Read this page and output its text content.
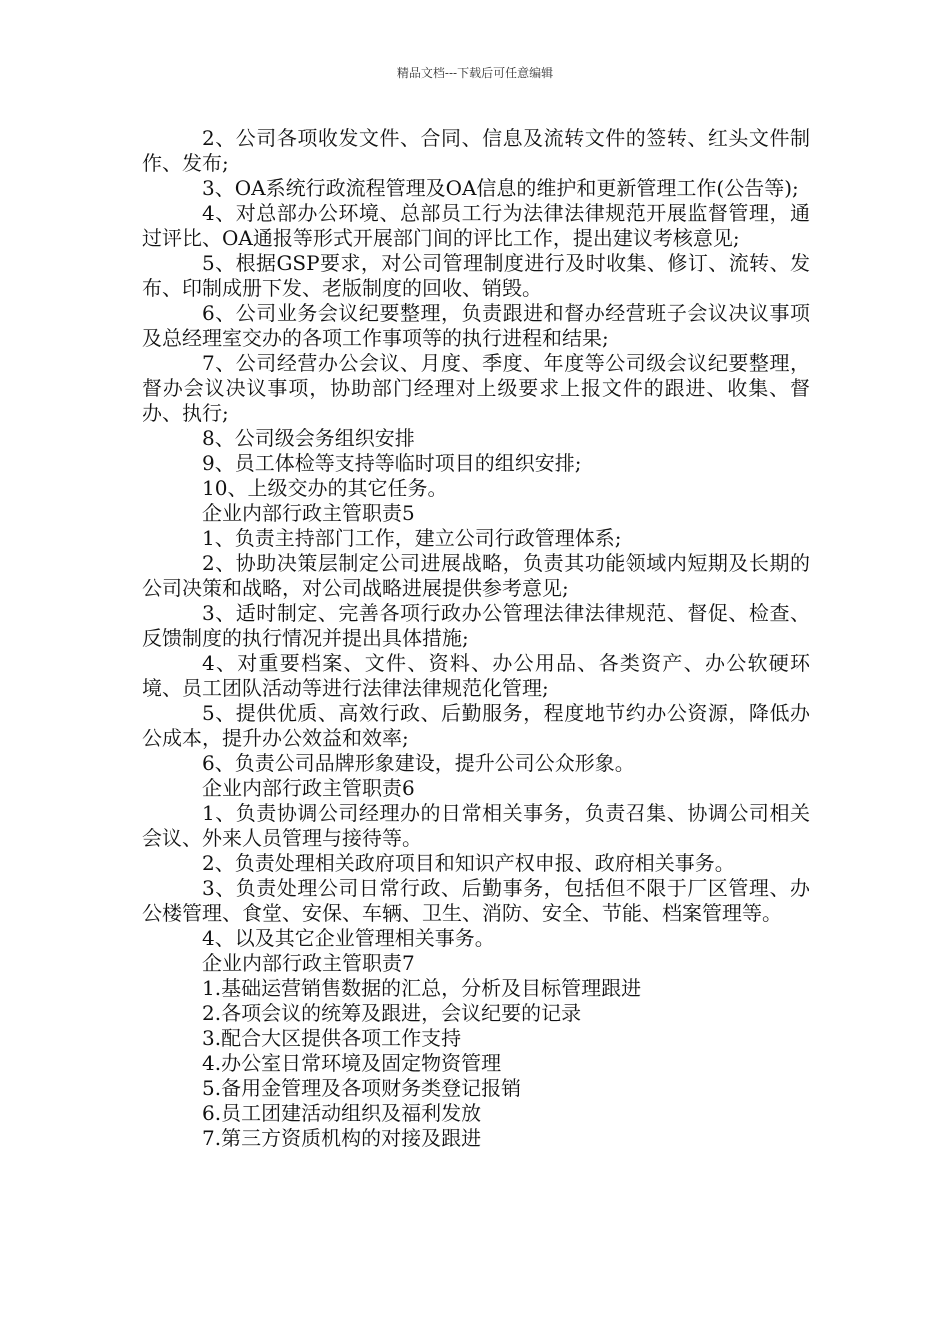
精品文档---下载后可任意编辑

2、公司各项收发文件、合同、信息及流转文件的签转、红头文件制作、发布;

3、OA系统行政流程管理及OA信息的维护和更新管理工作(公告等);

4、对总部办公环境、总部员工行为法律法律规范开展监督管理，通过评比、OA通报等形式开展部门间的评比工作，提出建议考核意见;

5、根据GSP要求，对公司管理制度进行及时收集、修订、流转、发布、印制成册下发、老版制度的回收、销毁。

6、公司业务会议纪要整理，负责跟进和督办经营班子会议决议事项及总经理室交办的各项工作事项等的执行进程和结果;

7、公司经营办公会议、月度、季度、年度等公司级会议纪要整理，督办会议决议事项，协助部门经理对上级要求上报文件的跟进、收集、督办、执行;

8、公司级会务组织安排

9、员工体检等支持等临时项目的组织安排;

10、上级交办的其它任务。

企业内部行政主管职责5

1、负责主持部门工作，建立公司行政管理体系;

2、协助决策层制定公司进展战略，负责其功能领域内短期及长期的公司决策和战略，对公司战略进展提供参考意见;

3、适时制定、完善各项行政办公管理法律法律规范、督促、检查、反馈制度的执行情况并提出具体措施;

4、对重要档案、文件、资料、办公用品、各类资产、办公软硬环境、员工团队活动等进行法律法律规范化管理;

5、提供优质、高效行政、后勤服务，程度地节约办公资源，降低办公成本，提升办公效益和效率;

6、负责公司品牌形象建设，提升公司公众形象。

企业内部行政主管职责6

1、负责协调公司经理办的日常相关事务，负责召集、协调公司相关会议、外来人员管理与接待等。

2、负责处理相关政府项目和知识产权申报、政府相关事务。

3、负责处理公司日常行政、后勤事务，包括但不限于厂区管理、办公楼管理、食堂、安保、车辆、卫生、消防、安全、节能、档案管理等。

4、以及其它企业管理相关事务。

企业内部行政主管职责7

1.基础运营销售数据的汇总，分析及目标管理跟进

2.各项会议的统筹及跟进，会议纪要的记录

3.配合大区提供各项工作支持

4.办公室日常环境及固定物资管理

5.备用金管理及各项财务类登记报销

6.员工团建活动组织及福利发放

7.第三方资质机构的对接及跟进
